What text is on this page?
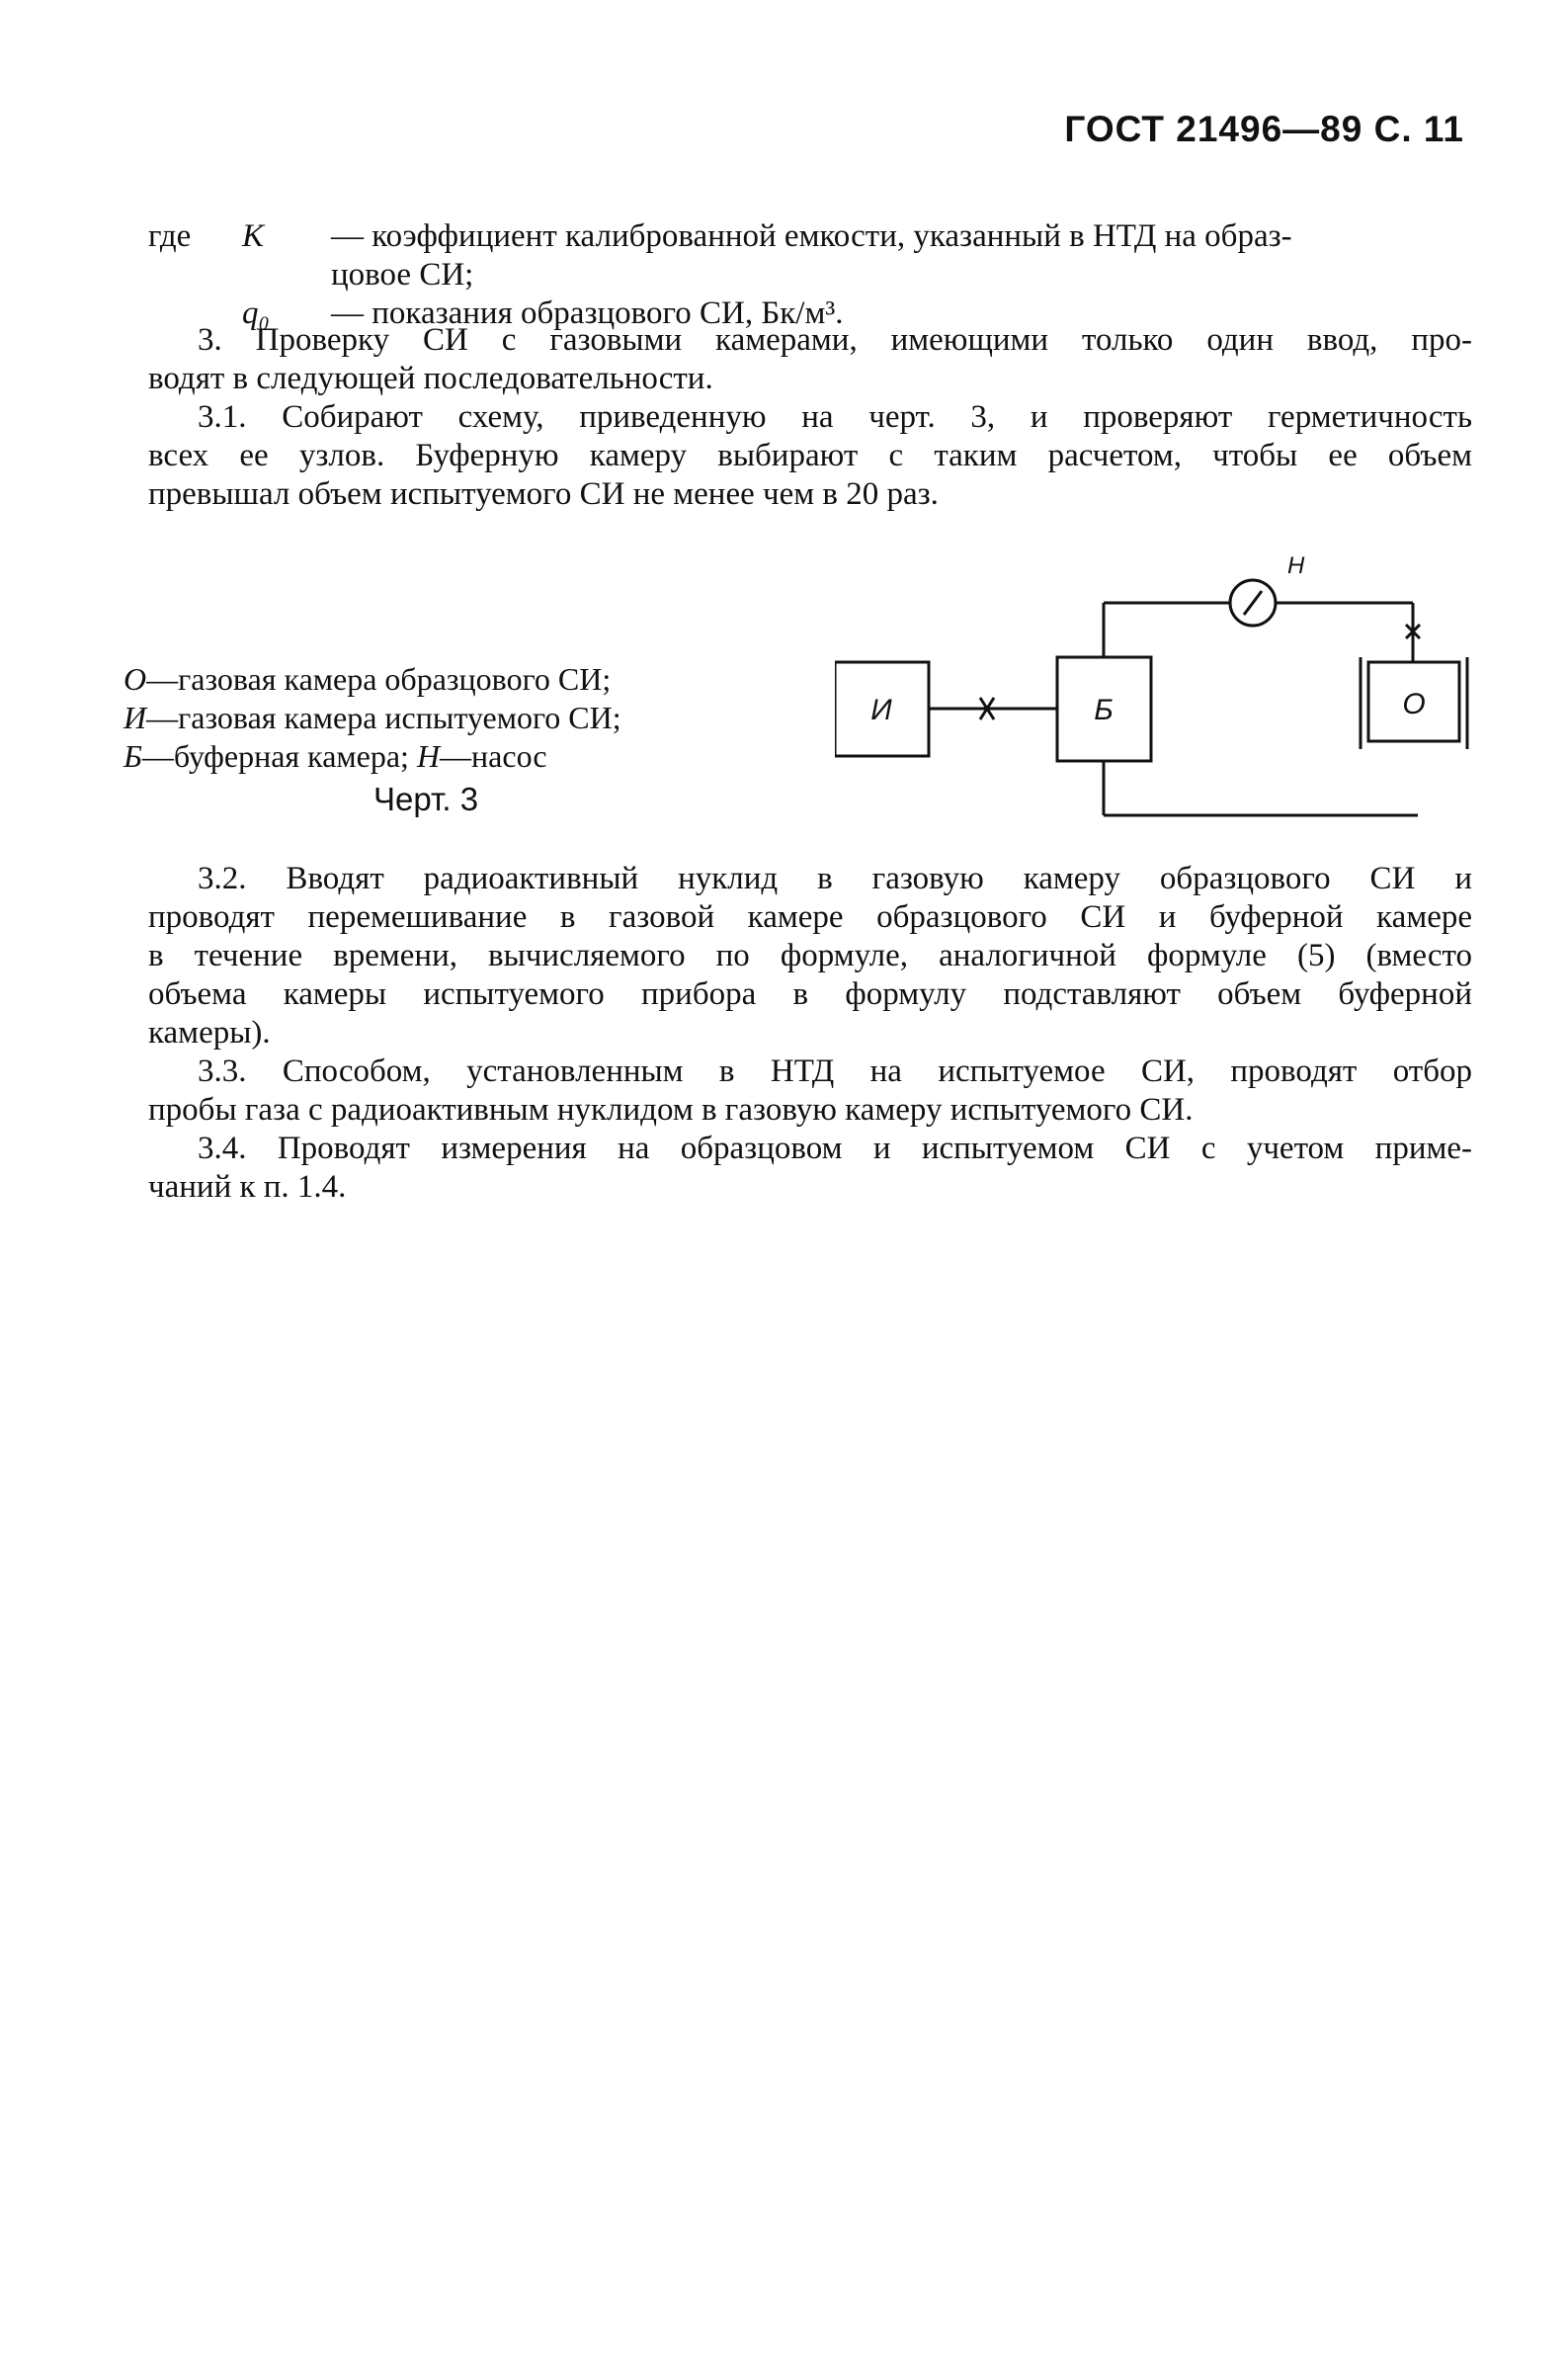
ГОСТ 21496—89 С. 11
где	К	— коэффициент калиброванной емкости, указанный в НТД на образ-
цовое СИ;
q₀	— показания образцового СИ, Бк/м³.
3. Проверку СИ с газовыми камерами, имеющими только один ввод, про-
водят в следующей последовательности.
3.1. Собирают схему, приведенную на черт. 3, и проверяют герметичность
всех ее узлов. Буферную камеру выбирают с таким расчетом, чтобы ее объем
превышал объем испытуемого СИ не менее чем в 20 раз.
О—газовая камера образцового СИ;
И—газовая камера испытуемого СИ;
Б—буферная камера; Н—насос
Черт. 3
И	Б	О
Н
3.2. Вводят радиоактивный нуклид в газовую камеру образцового СИ и
проводят перемешивание в газовой камере образцового СИ и буферной камере
в течение времени, вычисляемого по формуле, аналогичной формуле (5) (вместо
объема камеры испытуемого прибора в формулу подставляют объем буферной
камеры).
3.3. Способом, установленным в НТД на испытуемое СИ, проводят отбор
пробы газа с радиоактивным нуклидом в газовую камеру испытуемого СИ.
3.4. Проводят измерения на образцовом и испытуемом СИ с учетом приме-
чаний к п. 1.4.
